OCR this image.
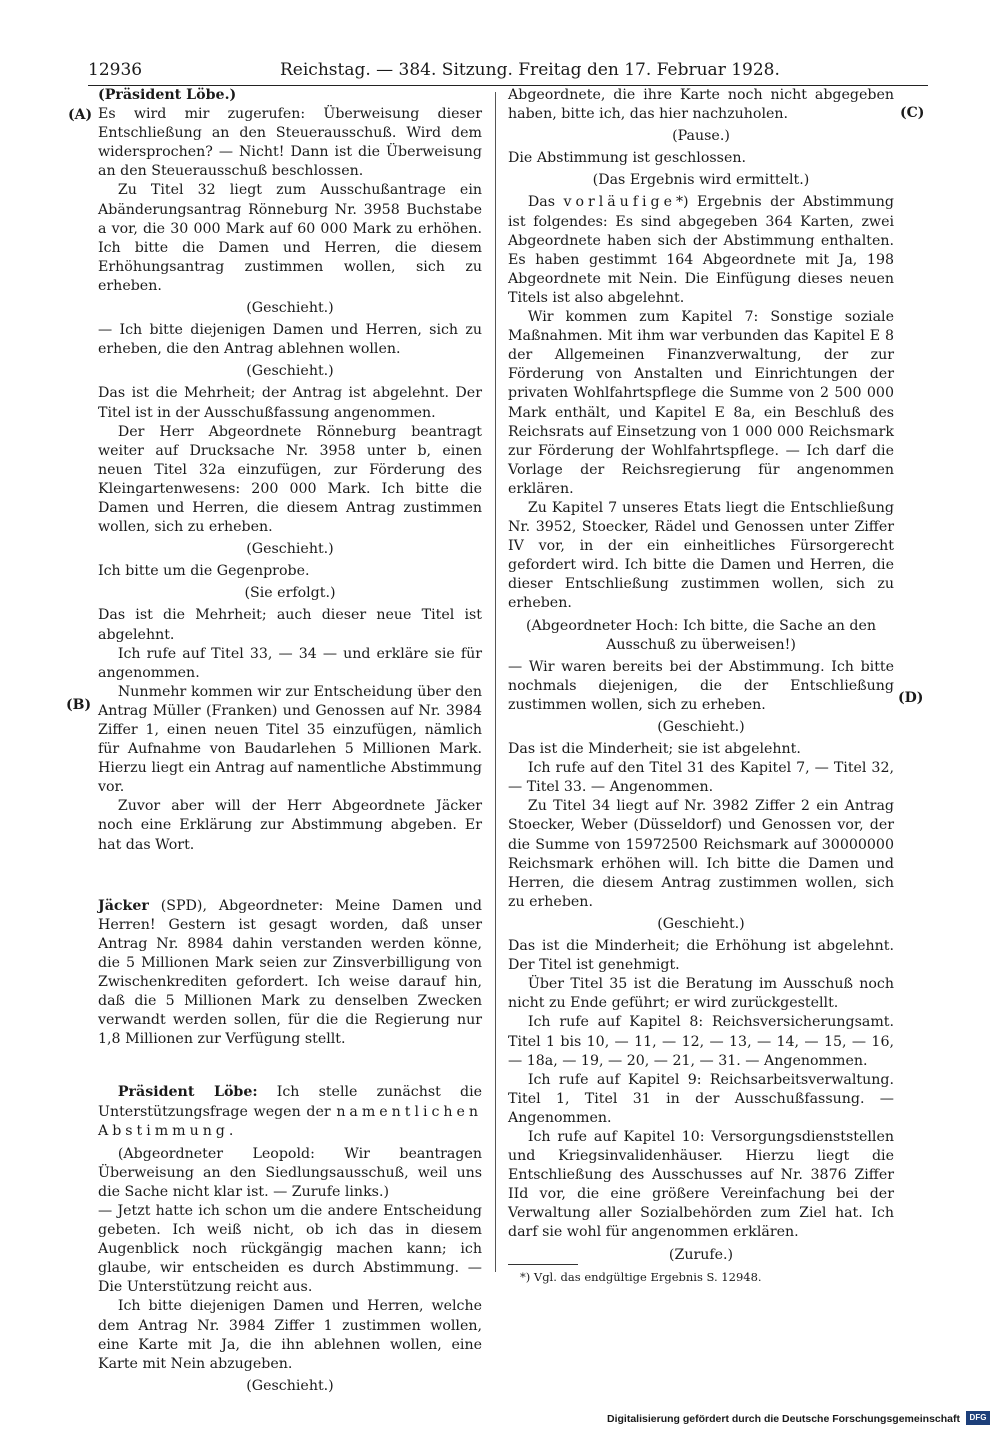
12936	Reichstag. — 384. Sitzung. Freitag den 17. Februar 1928.
(A)
(B)
(C)
(D)

(Präsident Löbe.)

Es wird mir zugerufen: Überweisung dieser Entschließung an den Steuerausschuß. Wird dem widersprochen? — Nicht! Dann ist die Überweisung an den Steuerausschuß beschlossen.

Zu Titel 32 liegt zum Ausschußantrage ein Abänderungsantrag Rönneburg Nr. 3958 Buchstabe a vor, die 30 000 Mark auf 60 000 Mark zu erhöhen. Ich bitte die Damen und Herren, die diesem Erhöhungsantrag zustimmen wollen, sich zu erheben.

(Geschieht.)

— Ich bitte diejenigen Damen und Herren, sich zu erheben, die den Antrag ablehnen wollen.

(Geschieht.)

Das ist die Mehrheit; der Antrag ist abgelehnt. Der Titel ist in der Ausschußfassung angenommen.

Der Herr Abgeordnete Rönneburg beantragt weiter auf Drucksache Nr. 3958 unter b, einen neuen Titel 32a einzufügen, zur Förderung des Kleingartenwesens: 200 000 Mark. Ich bitte die Damen und Herren, die diesem Antrag zustimmen wollen, sich zu erheben.

(Geschieht.)

Ich bitte um die Gegenprobe.

(Sie erfolgt.)

Das ist die Mehrheit; auch dieser neue Titel ist abgelehnt.

Ich rufe auf Titel 33, — 34 — und erkläre sie für angenommen.

Nunmehr kommen wir zur Entscheidung über den Antrag Müller (Franken) und Genossen auf Nr. 3984 Ziffer 1, einen neuen Titel 35 einzufügen, nämlich für Aufnahme von Baudarlehen 5 Millionen Mark. Hierzu liegt ein Antrag auf namentliche Abstimmung vor.

Zuvor aber will der Herr Abgeordnete Jäcker noch eine Erklärung zur Abstimmung abgeben. Er hat das Wort.

Jäcker (SPD), Abgeordneter: Meine Damen und Herren! Gestern ist gesagt worden, daß unser Antrag Nr. 8984 dahin verstanden werden könne, die 5 Millionen Mark seien zur Zinsverbilligung von Zwischenkrediten gefordert. Ich weise darauf hin, daß die 5 Millionen Mark zu denselben Zwecken verwandt werden sollen, für die die Regierung nur 1,8 Millionen zur Verfügung stellt.

Präsident Löbe: Ich stelle zunächst die Unterstützungsfrage wegen der namentlichen Abstimmung.

(Abgeordneter Leopold: Wir beantragen Überweisung an den Siedlungsausschuß, weil uns die Sache nicht klar ist. — Zurufe links.)

— Jetzt hatte ich schon um die andere Entscheidung gebeten. Ich weiß nicht, ob ich das in diesem Augenblick noch rückgängig machen kann; ich glaube, wir entscheiden es durch Abstimmung. — Die Unterstützung reicht aus.

Ich bitte diejenigen Damen und Herren, welche dem Antrag Nr. 3984 Ziffer 1 zustimmen wollen, eine Karte mit Ja, die ihn ablehnen wollen, eine Karte mit Nein abzugeben.

(Geschieht.)

Abgeordnete, die ihre Karte noch nicht abgegeben haben, bitte ich, das hier nachzuholen.

(Pause.)

Die Abstimmung ist geschlossen.

(Das Ergebnis wird ermittelt.)

Das vorläufige*) Ergebnis der Abstimmung ist folgendes: Es sind abgegeben 364 Karten, zwei Abgeordnete haben sich der Abstimmung enthalten. Es haben gestimmt 164 Abgeordnete mit Ja, 198 Abgeordnete mit Nein. Die Einfügung dieses neuen Titels ist also abgelehnt.

Wir kommen zum Kapitel 7: Sonstige soziale Maßnahmen. Mit ihm war verbunden das Kapitel E 8 der Allgemeinen Finanzverwaltung, der zur Förderung von Anstalten und Einrichtungen der privaten Wohlfahrtspflege die Summe von 2 500 000 Mark enthält, und Kapitel E 8a, ein Beschluß des Reichsrats auf Einsetzung von 1 000 000 Reichsmark zur Förderung der Wohlfahrtspflege. — Ich darf die Vorlage der Reichsregierung für angenommen erklären.

Zu Kapitel 7 unseres Etats liegt die Entschließung Nr. 3952, Stoecker, Rädel und Genossen unter Ziffer IV vor, in der ein einheitliches Fürsorgerecht gefordert wird. Ich bitte die Damen und Herren, die dieser Entschließung zustimmen wollen, sich zu erheben.

(Abgeordneter Hoch: Ich bitte, die Sache an den Ausschuß zu überweisen!)

— Wir waren bereits bei der Abstimmung. Ich bitte nochmals diejenigen, die der Entschließung zustimmen wollen, sich zu erheben.

(Geschieht.)

Das ist die Minderheit; sie ist abgelehnt.

Ich rufe auf den Titel 31 des Kapitel 7, — Titel 32, — Titel 33. — Angenommen.

Zu Titel 34 liegt auf Nr. 3982 Ziffer 2 ein Antrag Stoecker, Weber (Düsseldorf) und Genossen vor, der die Summe von 15972500 Reichsmark auf 30000000 Reichsmark erhöhen will. Ich bitte die Damen und Herren, die diesem Antrag zustimmen wollen, sich zu erheben.

(Geschieht.)

Das ist die Minderheit; die Erhöhung ist abgelehnt. Der Titel ist genehmigt.

Über Titel 35 ist die Beratung im Ausschuß noch nicht zu Ende geführt; er wird zurückgestellt.

Ich rufe auf Kapitel 8: Reichsversicherungsamt. Titel 1 bis 10, — 11, — 12, — 13, — 14, — 15, — 16, — 18a, — 19, — 20, — 21, — 31. — Angenommen.

Ich rufe auf Kapitel 9: Reichsarbeitsverwaltung. Titel 1, Titel 31 in der Ausschußfassung. — Angenommen.

Ich rufe auf Kapitel 10: Versorgungsdienststellen und Kriegsinvalidenhäuser. Hierzu liegt die Entschließung des Ausschusses auf Nr. 3876 Ziffer IId vor, die eine größere Vereinfachung bei der Verwaltung aller Sozialbehörden zum Ziel hat. Ich darf sie wohl für angenommen erklären.

(Zurufe.)

*) Vgl. das endgültige Ergebnis S. 12948.
Digitalisierung gefördert durch die Deutsche Forschungsgemeinschaft	DFG
